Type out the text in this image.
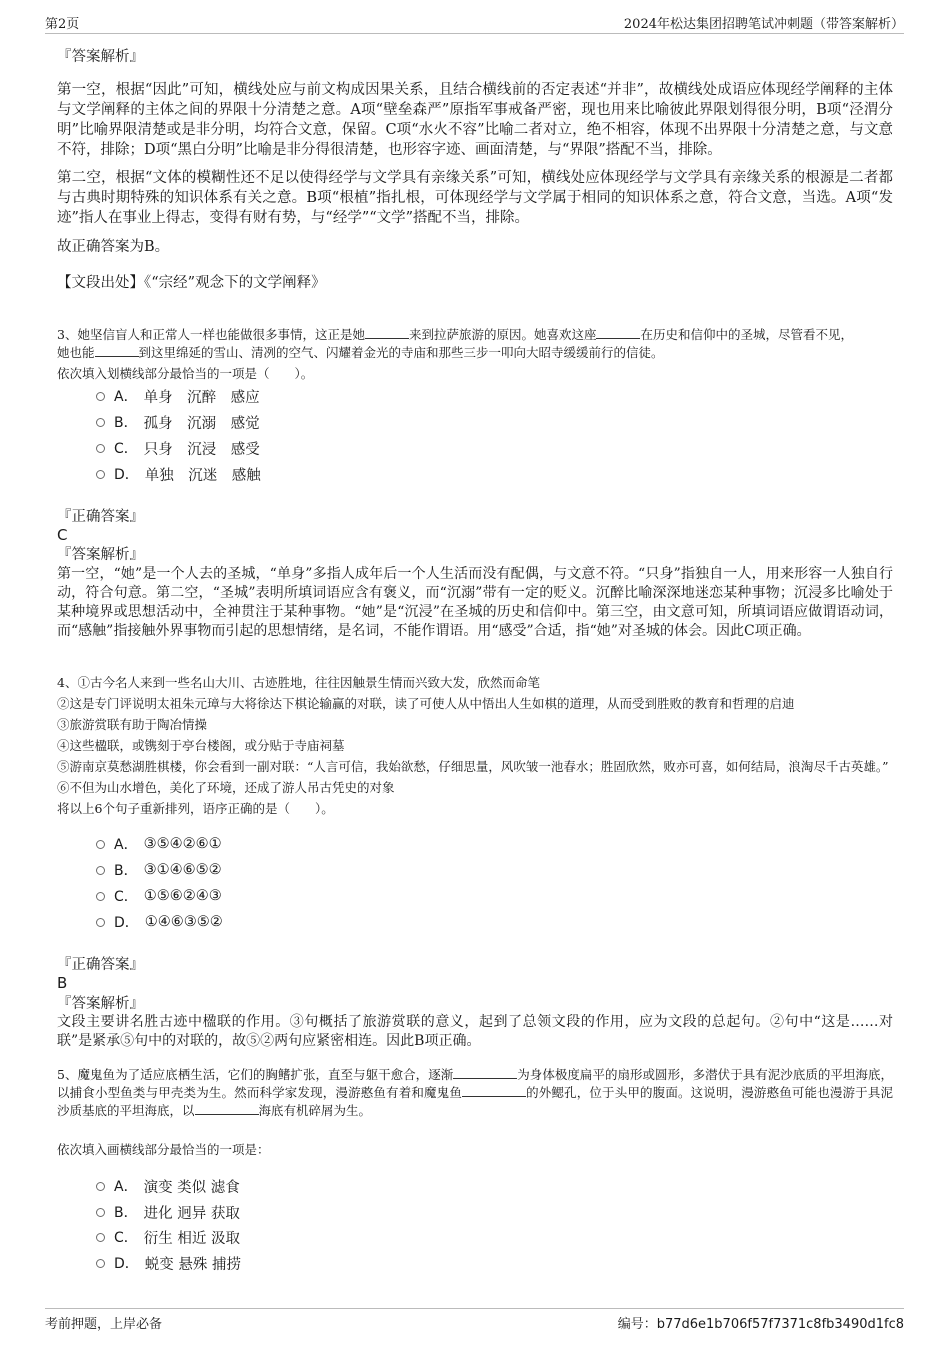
第2页	2024年松达集团招聘笔试冲刺题（带答案解析）

『答案解析』

第一空，根据“因此”可知，横线处应与前文构成因果关系，且结合横线前的否定表述“并非”，故横线处成语应体现经学阐释的主体与文学阐释的主体之间的界限十分清楚之意。A项“壁垒森严”原指军事戒备严密，现也用来比喻彼此界限划得很分明，B项“泾渭分明”比喻界限清楚或是非分明，均符合文意，保留。C项“水火不容”比喻二者对立，绝不相容，体现不出界限十分清楚之意，与文意不符，排除；D项“黑白分明”比喻是非分得很清楚，也形容字迹、画面清楚，与“界限”搭配不当，排除。

第二空，根据“文体的模糊性还不足以使得经学与文学具有亲缘关系”可知，横线处应体现经学与文学具有亲缘关系的根源是二者都与古典时期特殊的知识体系有关之意。B项“根植”指扎根，可体现经学与文学属于相同的知识体系之意，符合文意，当选。A项“发迹”指人在事业上得志，变得有财有势，与“经学”“文学”搭配不当，排除。

故正确答案为B。

【文段出处】《“宗经”观念下的文学阐释》

3、她坚信盲人和正常人一样也能做很多事情，这正是她	来到拉萨旅游的原因。她喜欢这座	在历史和信仰中的圣城，尽管看不见，
她也能	到这里绵延的雪山、清冽的空气、闪耀着金光的寺庙和那些三步一叩向大昭寺缓缓前行的信徒。

依次填入划横线部分最恰当的一项是（　　）。

A． 单身　沉醉　感应
B． 孤身　沉溺　感觉
C． 只身　沉浸　感受
D． 单独　沉迷　感触

『正确答案』

C

『答案解析』

第一空，“她”是一个人去的圣城，“单身”多指人成年后一个人生活而没有配偶，与文意不符。“只身”指独自一人，用来形容一人独自行动，符合句意。第二空，“圣城”表明所填词语应含有褒义，而“沉溺”带有一定的贬义。沉醉比喻深深地迷恋某种事物；沉浸多比喻处于某种境界或思想活动中，全神贯注于某种事物。“她”是“沉浸”在圣城的历史和信仰中。第三空，由文意可知，所填词语应做谓语动词，而“感触”指接触外界事物而引起的思想情绪，是名词，不能作谓语。用“感受”合适，指“她”对圣城的体会。因此C项正确。

4、①古今名人来到一些名山大川、古迹胜地，往往因触景生情而兴致大发，欣然而命笔

②这是专门评说明太祖朱元璋与大将徐达下棋论输赢的对联，读了可使人从中悟出人生如棋的道理，从而受到胜败的教育和哲理的启迪

③旅游赏联有助于陶冶情操

④这些楹联，或镌刻于亭台楼阁，或分贴于寺庙祠墓

⑤游南京莫愁湖胜棋楼，你会看到一副对联：“人言可信，我始欲愁，仔细思量，风吹皱一池春水；胜固欣然，败亦可喜，如何结局，浪淘尽千古英雄。”

⑥不但为山水增色，美化了环境，还成了游人吊古凭史的对象

将以上6个句子重新排列，语序正确的是（　　）。

A． ③⑤④②⑥①
B． ③①④⑥⑤②
C． ①⑤⑥②④③
D． ①④⑥③⑤②

『正确答案』

B

『答案解析』

文段主要讲名胜古迹中楹联的作用。③句概括了旅游赏联的意义，起到了总领文段的作用，应为文段的总起句。②句中“这是……对联”是紧承⑤句中的对联的，故⑤②两句应紧密相连。因此B项正确。

5、魔鬼鱼为了适应底栖生活，它们的胸鳍扩张，直至与躯干愈合，逐渐	为身体极度扁平的扇形或圆形，多潜伏于具有泥沙底质的平坦海底，以捕食小型鱼类与甲壳类为生。然而科学家发现，漫游憨鱼有着和魔鬼鱼	的外鳃孔，位于头甲的腹面。这说明，漫游憨鱼可能也漫游于具泥沙质基底的平坦海底，以	海底有机碎屑为生。

依次填入画横线部分最恰当的一项是：

A． 演变 类似 滤食
B． 进化 迥异 获取
C． 衍生 相近 汲取
D． 蜕变 悬殊 捕捞
考前押题，上岸必备	编号：b77d6e1b706f57f7371c8fb3490d1fc8
